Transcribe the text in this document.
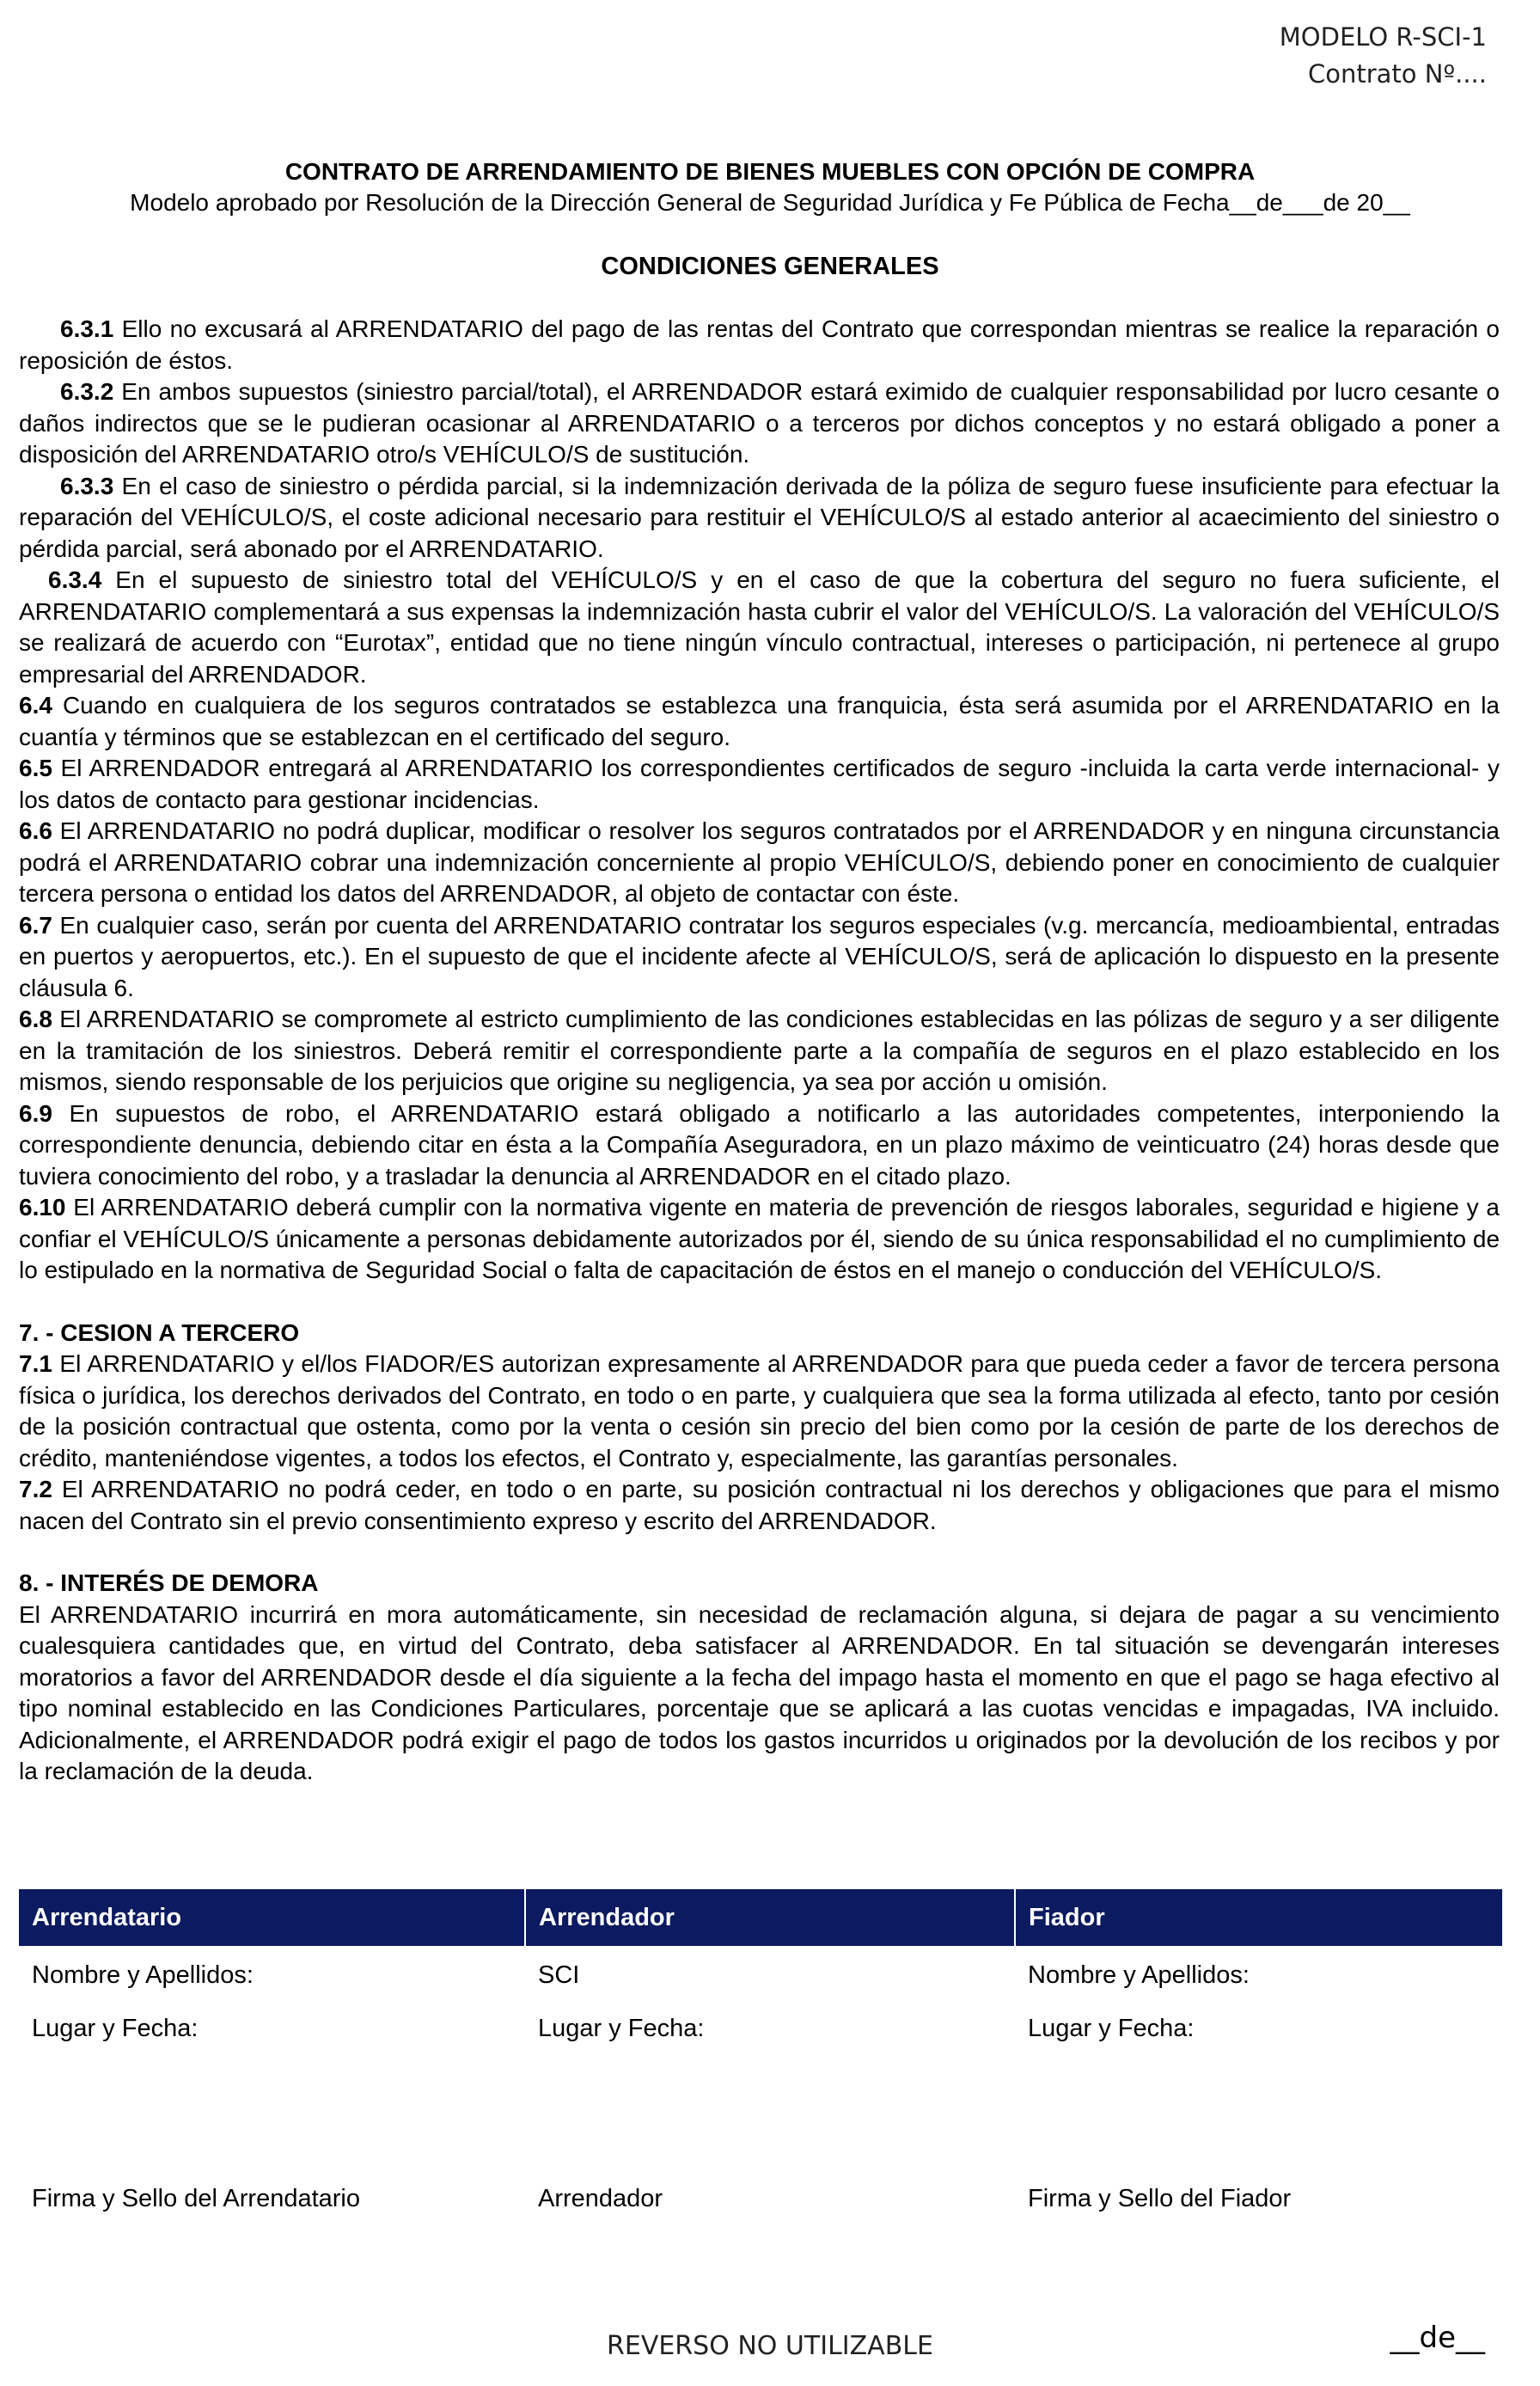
MODELO R-SCI-1
Contrato Nº....
CONTRATO DE ARRENDAMIENTO DE BIENES MUEBLES CON OPCIÓN DE COMPRA
Modelo aprobado por Resolución de la Dirección General de Seguridad Jurídica y Fe Pública de Fecha__de___de 20__
CONDICIONES GENERALES

6.3.1 Ello no excusará al ARRENDATARIO del pago de las rentas del Contrato que correspondan mientras se realice la reparación o reposición de éstos.

6.3.2 En ambos supuestos (siniestro parcial/total), el ARRENDADOR estará eximido de cualquier responsabilidad por lucro cesante o daños indirectos que se le pudieran ocasionar al ARRENDATARIO o a terceros por dichos conceptos y no estará obligado a poner a disposición del ARRENDATARIO otro/s VEHÍCULO/S de sustitución.

6.3.3 En el caso de siniestro o pérdida parcial, si la indemnización derivada de la póliza de seguro fuese insuficiente para efectuar la reparación del VEHÍCULO/S, el coste adicional necesario para restituir el VEHÍCULO/S al estado anterior al acaecimiento del siniestro o pérdida parcial, será abonado por el ARRENDATARIO.

6.3.4 En el supuesto de siniestro total del VEHÍCULO/S y en el caso de que la cobertura del seguro no fuera suficiente, el ARRENDATARIO complementará a sus expensas la indemnización hasta cubrir el valor del VEHÍCULO/S. La valoración del VEHÍCULO/S se realizará de acuerdo con “Eurotax”, entidad que no tiene ningún vínculo contractual, intereses o participación, ni pertenece al grupo empresarial del ARRENDADOR.

6.4 Cuando en cualquiera de los seguros contratados se establezca una franquicia, ésta será asumida por el ARRENDATARIO en la cuantía y términos que se establezcan en el certificado del seguro.

6.5 El ARRENDADOR entregará al ARRENDATARIO los correspondientes certificados de seguro -incluida la carta verde internacional- y los datos de contacto para gestionar incidencias.

6.6 El ARRENDATARIO no podrá duplicar, modificar o resolver los seguros contratados por el ARRENDADOR y en ninguna circunstancia podrá el ARRENDATARIO cobrar una indemnización concerniente al propio VEHÍCULO/S, debiendo poner en conocimiento de cualquier tercera persona o entidad los datos del ARRENDADOR, al objeto de contactar con éste.

6.7 En cualquier caso, serán por cuenta del ARRENDATARIO contratar los seguros especiales (v.g. mercancía, medioambiental, entradas en puertos y aeropuertos, etc.). En el supuesto de que el incidente afecte al VEHÍCULO/S, será de aplicación lo dispuesto en la presente cláusula 6.

6.8 El ARRENDATARIO se compromete al estricto cumplimiento de las condiciones establecidas en las pólizas de seguro y a ser diligente en la tramitación de los siniestros. Deberá remitir el correspondiente parte a la compañía de seguros en el plazo establecido en los mismos, siendo responsable de los perjuicios que origine su negligencia, ya sea por acción u omisión.

6.9 En supuestos de robo, el ARRENDATARIO estará obligado a notificarlo a las autoridades competentes, interponiendo la correspondiente denuncia, debiendo citar en ésta a la Compañía Aseguradora, en un plazo máximo de veinticuatro (24) horas desde que tuviera conocimiento del robo, y a trasladar la denuncia al ARRENDADOR en el citado plazo.

6.10 El ARRENDATARIO deberá cumplir con la normativa vigente en materia de prevención de riesgos laborales, seguridad e higiene y a confiar el VEHÍCULO/S únicamente a personas debidamente autorizados por él, siendo de su única responsabilidad el no cumplimiento de lo estipulado en la normativa de Seguridad Social o falta de capacitación de éstos en el manejo o conducción del VEHÍCULO/S.

7. - CESION A TERCERO

7.1 El ARRENDATARIO y el/los FIADOR/ES autorizan expresamente al ARRENDADOR para que pueda ceder a favor de tercera persona física o jurídica, los derechos derivados del Contrato, en todo o en parte, y cualquiera que sea la forma utilizada al efecto, tanto por cesión de la posición contractual que ostenta, como por la venta o cesión sin precio del bien como por la cesión de parte de los derechos de crédito, manteniéndose vigentes, a todos los efectos, el Contrato y, especialmente, las garantías personales.

7.2 El ARRENDATARIO no podrá ceder, en todo o en parte, su posición contractual ni los derechos y obligaciones que para el mismo nacen del Contrato sin el previo consentimiento expreso y escrito del ARRENDADOR.

8. - INTERÉS DE DEMORA

El ARRENDATARIO incurrirá en mora automáticamente, sin necesidad de reclamación alguna, si dejara de pagar a su vencimiento cualesquiera cantidades que, en virtud del Contrato, deba satisfacer al ARRENDADOR. En tal situación se devengarán intereses moratorios a favor del ARRENDADOR desde el día siguiente a la fecha del impago hasta el momento en que el pago se haga efectivo al tipo nominal establecido en las Condiciones Particulares, porcentaje que se aplicará a las cuotas vencidas e impagadas, IVA incluido. Adicionalmente, el ARRENDADOR podrá exigir el pago de todos los gastos incurridos u originados por la devolución de los recibos y por la reclamación de la deuda.

Arrendatario	Arrendador	Fiador
Nombre y Apellidos:	SCI	Nombre y Apellidos:
Lugar y Fecha:	Lugar y Fecha:	Lugar y Fecha:

Firma y Sello del Arrendatario	Arrendador	Firma y Sello del Fiador
REVERSO NO UTILIZABLE	__de__
